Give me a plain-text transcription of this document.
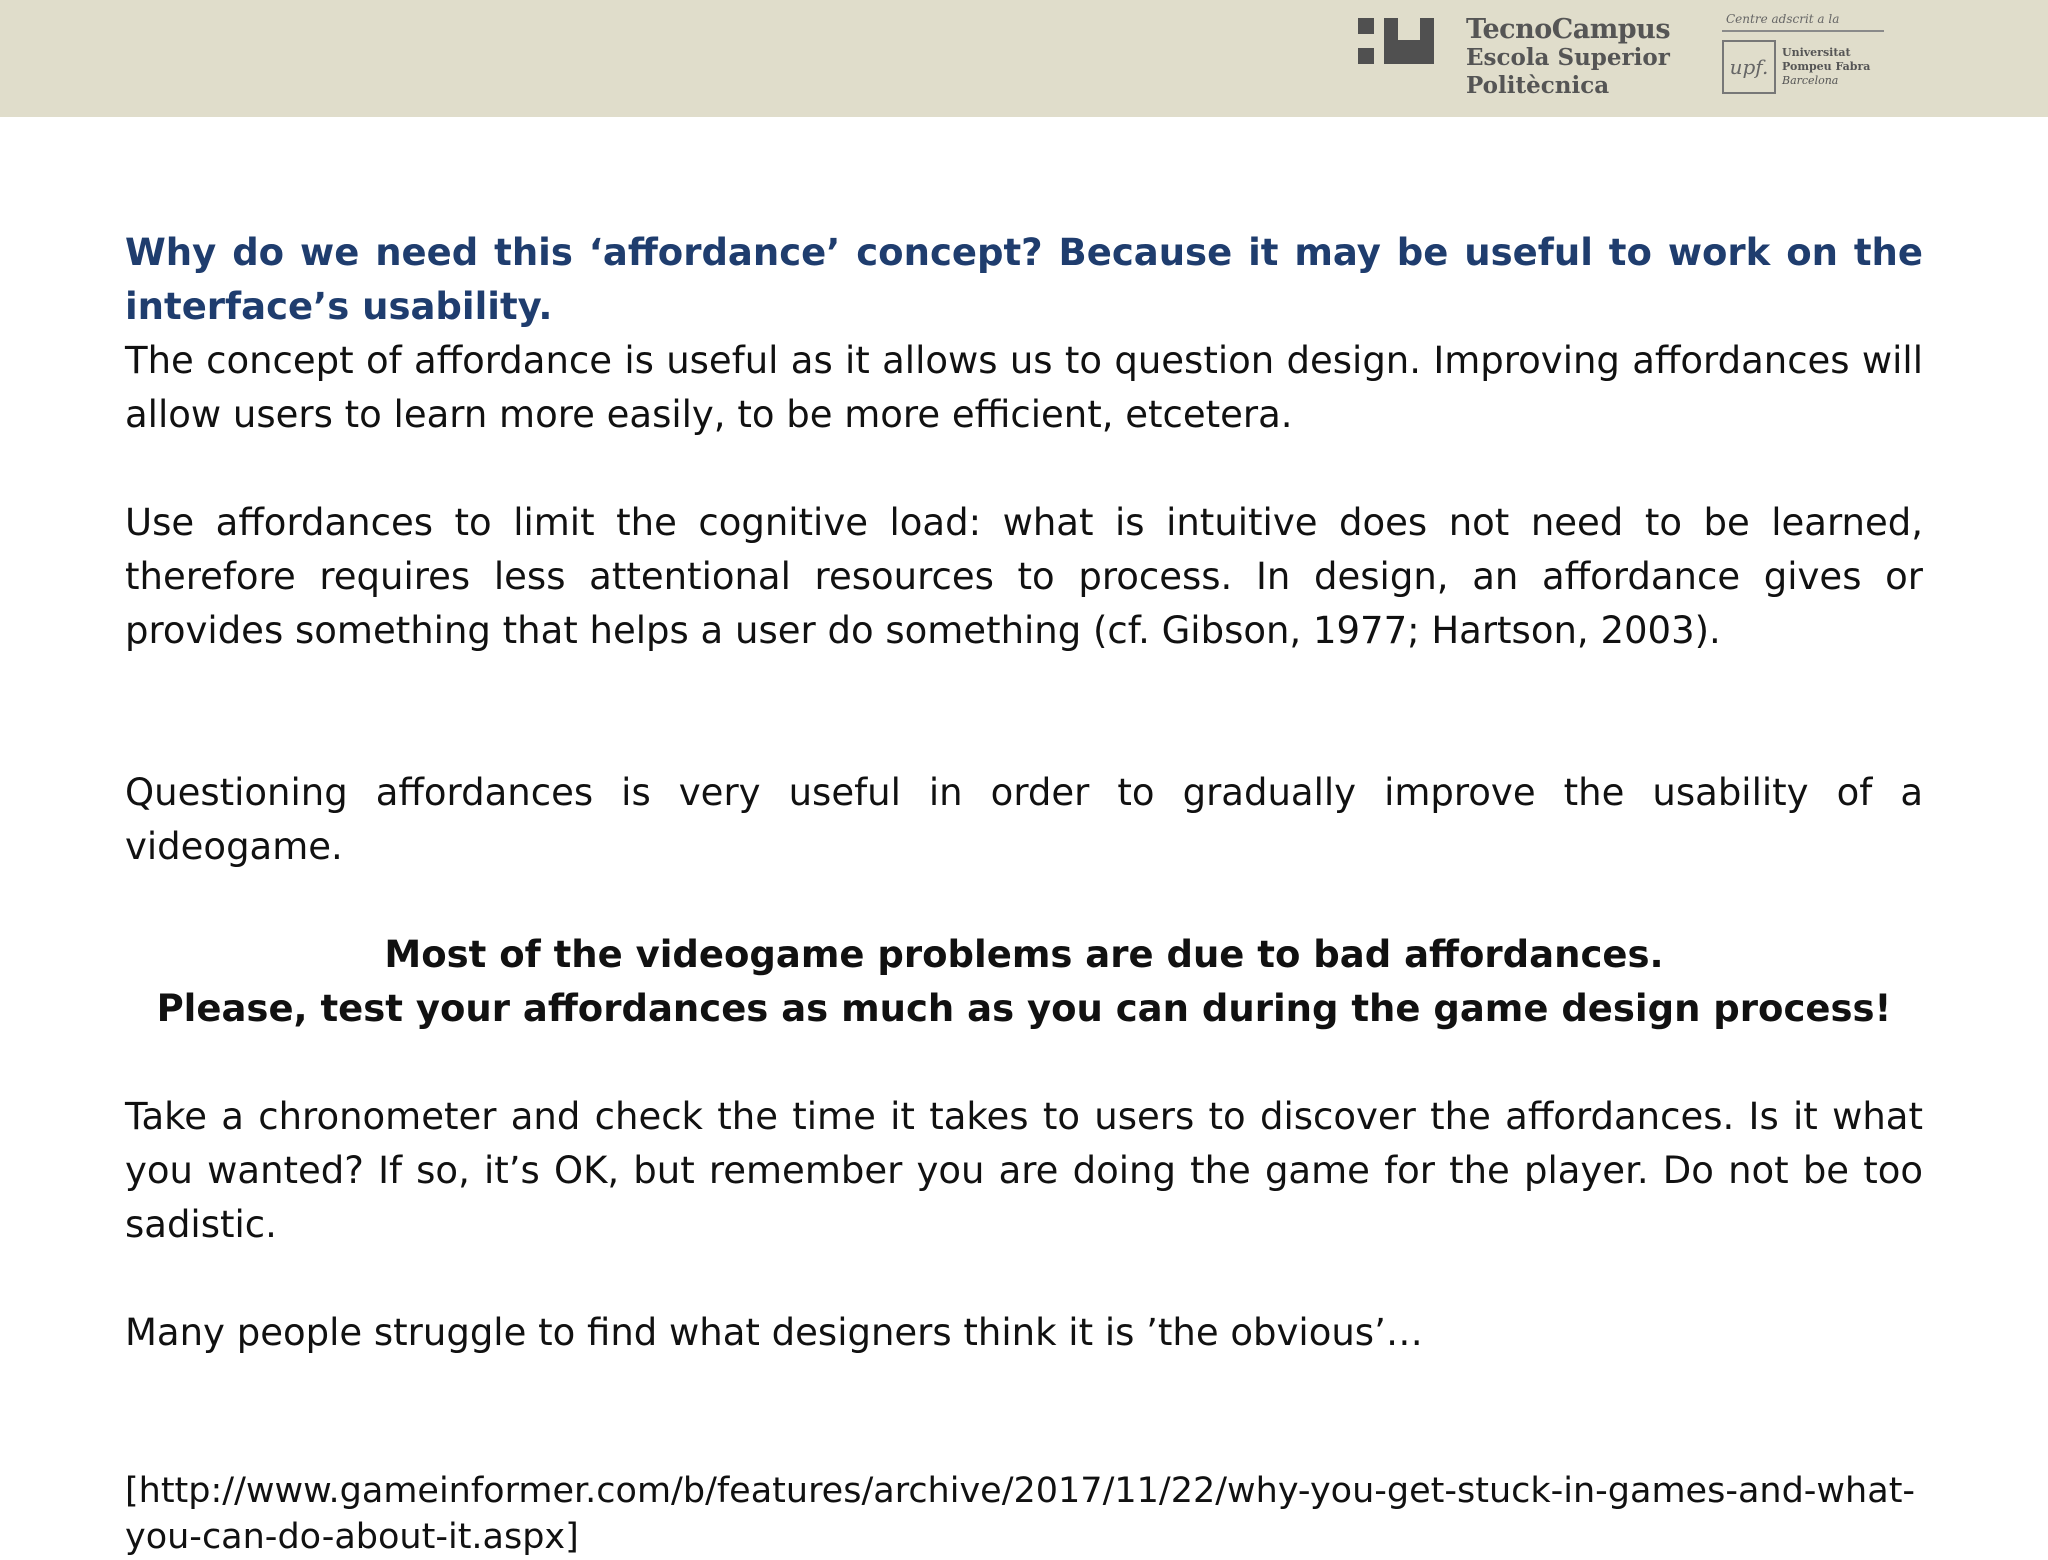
TecnoCampus
Escola Superior
Politècnica
Centre adscrit a la
upf.
Universitat
Pompeu Fabra
Barcelona
Why do we need this ‘affordance’ concept? Because it may be useful to work on the interface’s usability.
The concept of affordance is useful as it allows us to question design. Improving affordances will allow users to learn more easily, to be more efficient, etcetera.
Use affordances to limit the cognitive load: what is intuitive does not need to be learned, therefore requires less attentional resources to process. In design, an affordance gives or provides something that helps a user do something (cf. Gibson, 1977; Hartson, 2003).
Questioning affordances is very useful in order to gradually improve the usability of a videogame.
Most of the videogame problems are due to bad affordances.
Please, test your affordances as much as you can during the game design process!
Take a chronometer and check the time it takes to users to discover the affordances. Is it what you wanted? If so, it’s OK, but remember you are doing the game for the player. Do not be too sadistic.
Many people struggle to find what designers think it is ’the obvious’…
[http://www.gameinformer.com/b/features/archive/2017/11/22/why-you-get-stuck-in-games-and-what-you-can-do-about-it.aspx]
